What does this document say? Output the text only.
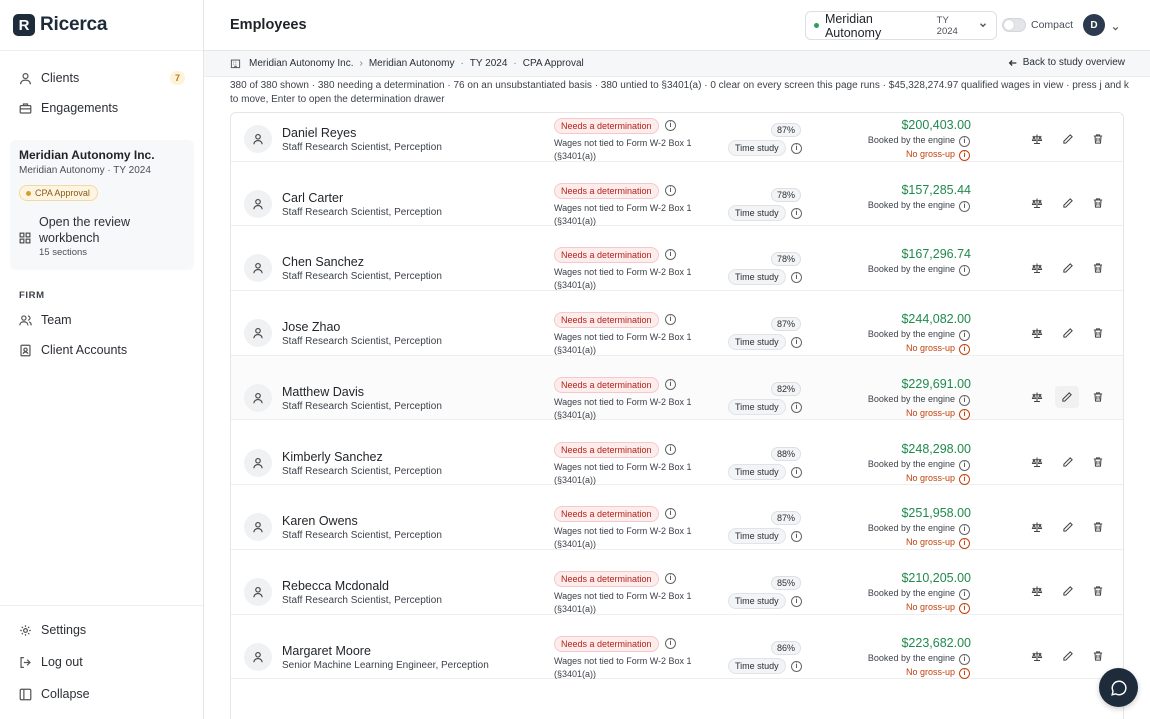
R Ricerca
Clients	7
Engagements
Meridian Autonomy Inc.
Meridian Autonomy · TY 2024
CPA Approval
Open the review workbench
15 sections
FIRM
Team
Client Accounts
Settings
Log out
Collapse
Employees	Meridian Autonomy
TY 2024	Compact	D
Meridian Autonomy Inc. › Meridian Autonomy · TY 2024 · CPA Approval	Back to study overview
380 of 380 shown · 380 needing a determination · 76 on an unsubstantiated basis · 380 untied to §3401(a) · 0 clear on every screen this page runs · $45,328,274.97 qualified wages in view · press j and k to move, Enter to open the determination drawer
Daniel Reyes
Staff Research Scientist, Perception
Needs a determination	i
Wages not tied to Form W-2 Box 1 (§3401(a))
87%
Time study	i
$200,403.00
Booked by the engine	i
No gross-up	i
Carl Carter
Staff Research Scientist, Perception
Needs a determination	i
Wages not tied to Form W-2 Box 1 (§3401(a))
78%
Time study	i
$157,285.44
Booked by the engine	i
Chen Sanchez
Staff Research Scientist, Perception
Needs a determination	i
Wages not tied to Form W-2 Box 1 (§3401(a))
78%
Time study	i
$167,296.74
Booked by the engine	i
Jose Zhao
Staff Research Scientist, Perception
Needs a determination	i
Wages not tied to Form W-2 Box 1 (§3401(a))
87%
Time study	i
$244,082.00
Booked by the engine	i
No gross-up	i
Matthew Davis
Staff Research Scientist, Perception
Needs a determination	i
Wages not tied to Form W-2 Box 1 (§3401(a))
82%
Time study	i
$229,691.00
Booked by the engine	i
No gross-up	i
Kimberly Sanchez
Staff Research Scientist, Perception
Needs a determination	i
Wages not tied to Form W-2 Box 1 (§3401(a))
88%
Time study	i
$248,298.00
Booked by the engine	i
No gross-up	i
Karen Owens
Staff Research Scientist, Perception
Needs a determination	i
Wages not tied to Form W-2 Box 1 (§3401(a))
87%
Time study	i
$251,958.00
Booked by the engine	i
No gross-up	i
Rebecca Mcdonald
Staff Research Scientist, Perception
Needs a determination	i
Wages not tied to Form W-2 Box 1 (§3401(a))
85%
Time study	i
$210,205.00
Booked by the engine	i
No gross-up	i
Margaret Moore
Senior Machine Learning Engineer, Perception
Needs a determination	i
Wages not tied to Form W-2 Box 1 (§3401(a))
86%
Time study	i
$223,682.00
Booked by the engine	i
No gross-up	i
